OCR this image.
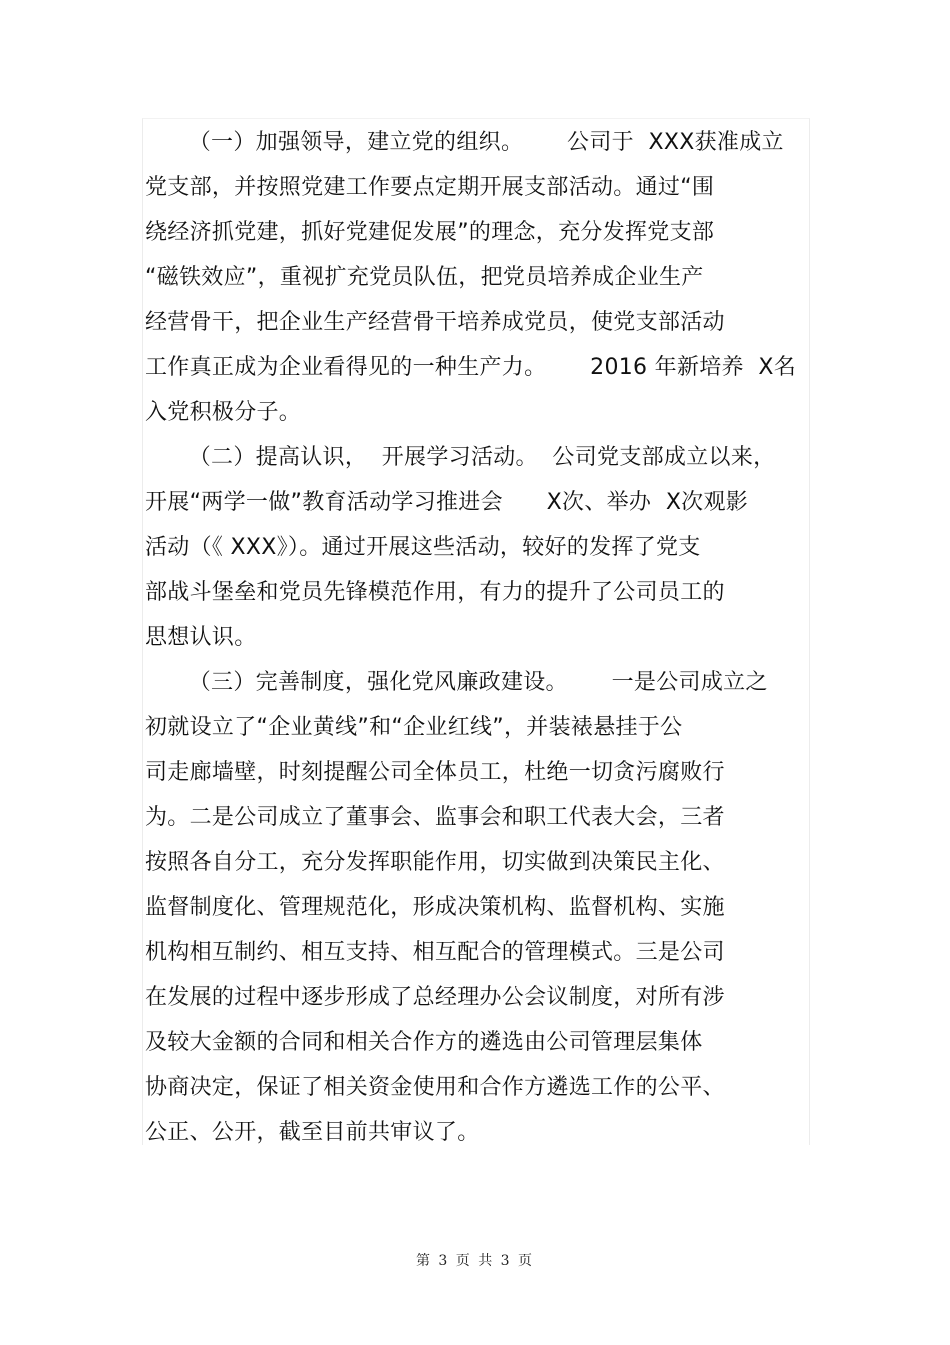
（一）加强领导，建立党的组织。      公司于  XXX获准成立
党支部，并按照党建工作要点定期开展支部活动。通过“围
绕经济抓党建，抓好党建促发展”的理念，充分发挥党支部
“磁铁效应”，重视扩充党员队伍，把党员培养成企业生产
经营骨干，把企业生产经营骨干培养成党员，使党支部活动
工作真正成为企业看得见的一种生产力。      2016 年新培养  X名
入党积极分子。
（二）提高认识，  开展学习活动。  公司党支部成立以来，
开展“两学一做”教育活动学习推进会      X次、举办  X次观影
活动（《 XXX》）。通过开展这些活动，较好的发挥了党支
部战斗堡垒和党员先锋模范作用，有力的提升了公司员工的
思想认识。
（三）完善制度，强化党风廉政建设。      一是公司成立之
初就设立了“企业黄线”和“企业红线”，并装裱悬挂于公
司走廊墙壁，时刻提醒公司全体员工，杜绝一切贪污腐败行
为。二是公司成立了董事会、监事会和职工代表大会，三者
按照各自分工，充分发挥职能作用，切实做到决策民主化、
监督制度化、管理规范化，形成决策机构、监督机构、实施
机构相互制约、相互支持、相互配合的管理模式。三是公司
在发展的过程中逐步形成了总经理办公会议制度，对所有涉
及较大金额的合同和相关合作方的遴选由公司管理层集体
协商决定，保证了相关资金使用和合作方遴选工作的公平、
公正、公开，截至目前共审议了。
第 3 页 共 3 页
